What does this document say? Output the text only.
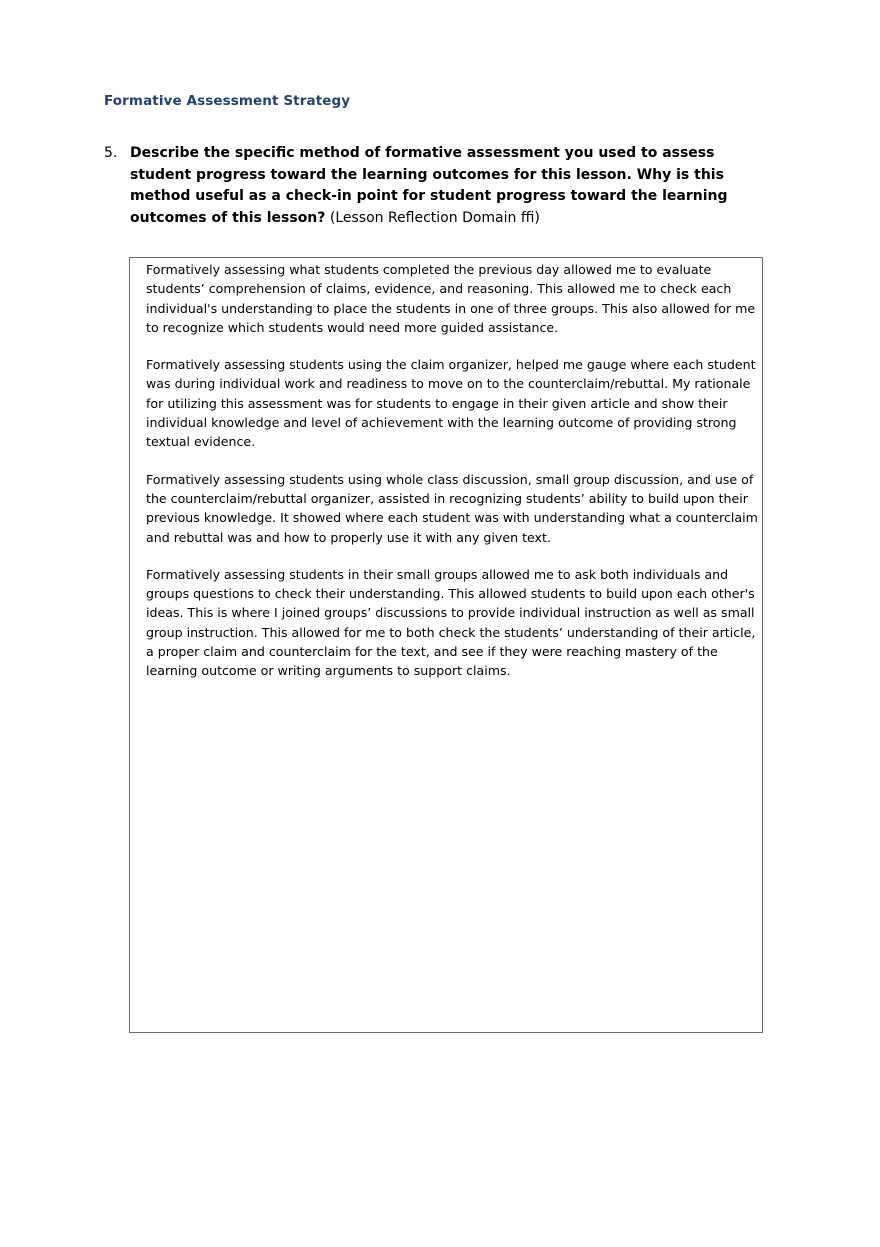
Formative Assessment Strategy
5. Describe the specific method of formative assessment you used to assess student progress toward the learning outcomes for this lesson. Why is this method useful as a check-in point for student progress toward the learning outcomes of this lesson? (Lesson Reflection Domain ffi)

Formatively assessing what students completed the previous day allowed me to evaluate students’ comprehension of claims, evidence, and reasoning. This allowed me to check each individual's understanding to place the students in one of three groups. This also allowed for me to recognize which students would need more guided assistance.

Formatively assessing students using the claim organizer, helped me gauge where each student was during individual work and readiness to move on to the counterclaim/rebuttal. My rationale for utilizing this assessment was for students to engage in their given article and show their individual knowledge and level of achievement with the learning outcome of providing strong textual evidence.

Formatively assessing students using whole class discussion, small group discussion, and use of the counterclaim/rebuttal organizer, assisted in recognizing students’ ability to build upon their previous knowledge. It showed where each student was with understanding what a counterclaim and rebuttal was and how to properly use it with any given text.

Formatively assessing students in their small groups allowed me to ask both individuals and groups questions to check their understanding. This allowed students to build upon each other's ideas. This is where I joined groups’ discussions to provide individual instruction as well as small group instruction. This allowed for me to both check the students’ understanding of their article, a proper claim and counterclaim for the text, and see if they were reaching mastery of the learning outcome or writing arguments to support claims.
